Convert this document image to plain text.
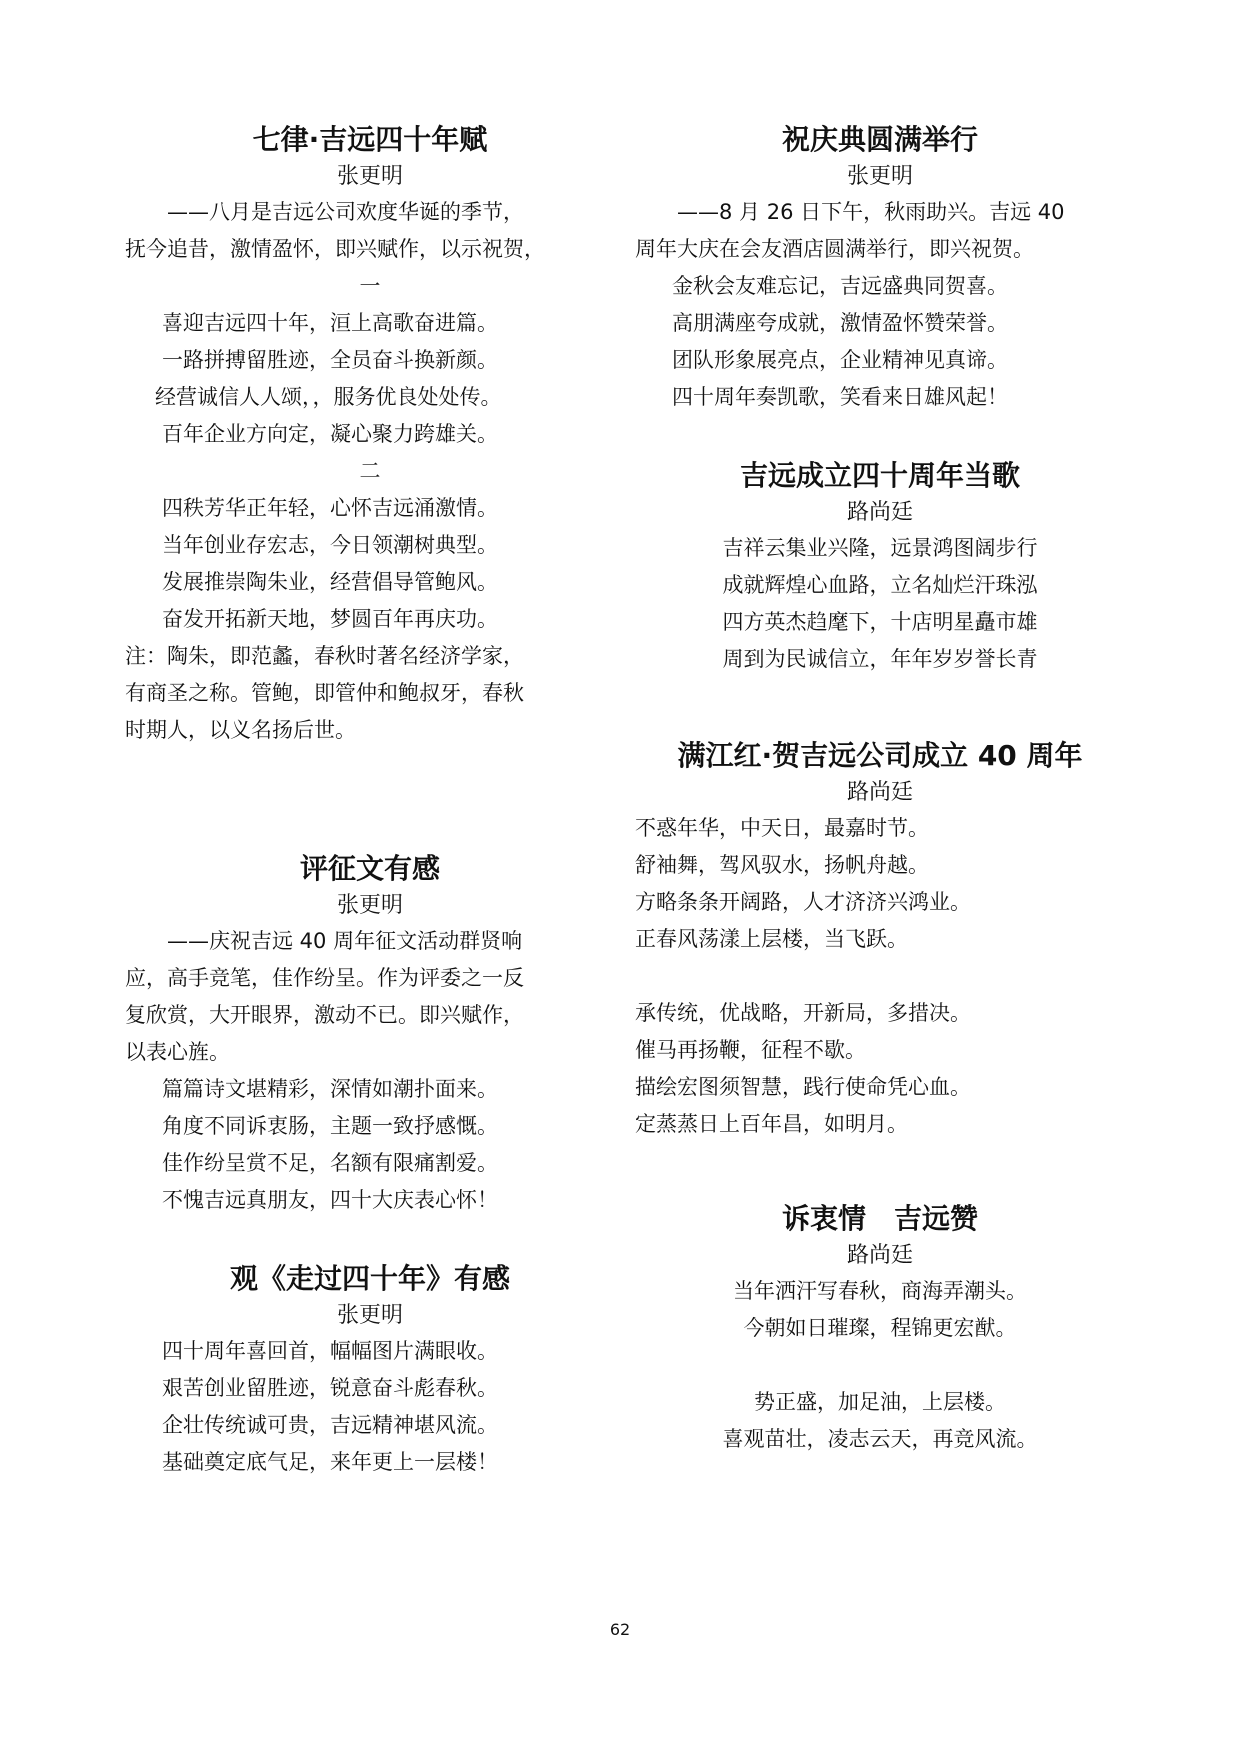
七律·吉远四十年赋
张更明
——八月是吉远公司欢度华诞的季节，
抚今追昔，激情盈怀，即兴赋作，以示祝贺，
一
喜迎吉远四十年，洹上高歌奋进篇。
一路拼搏留胜迹，全员奋斗换新颜。
经营诚信人人颂，，服务优良处处传。
百年企业方向定，凝心聚力跨雄关。
二
四秩芳华正年轻，心怀吉远涌激情。
当年创业存宏志，今日领潮树典型。
发展推崇陶朱业，经营倡导管鲍风。
奋发开拓新天地，梦圆百年再庆功。
注：陶朱，即范蠡，春秋时著名经济学家，
有商圣之称。管鲍，即管仲和鲍叔牙，春秋
时期人，以义名扬后世。
评征文有感
张更明
——庆祝吉远 40 周年征文活动群贤响
应，高手竞笔，佳作纷呈。作为评委之一反
复欣赏，大开眼界，激动不已。即兴赋作，
以表心旌。
篇篇诗文堪精彩，深情如潮扑面来。
角度不同诉衷肠，主题一致抒感慨。
佳作纷呈赏不足，名额有限痛割爱。
不愧吉远真朋友，四十大庆表心怀！
观《走过四十年》有感
张更明
四十周年喜回首，幅幅图片满眼收。
艰苦创业留胜迹，锐意奋斗彪春秋。
企壮传统诚可贵，吉远精神堪风流。
基础奠定底气足，来年更上一层楼！
祝庆典圆满举行
张更明
——8 月 26 日下午，秋雨助兴。吉远 40
周年大庆在会友酒店圆满举行，即兴祝贺。
金秋会友难忘记，吉远盛典同贺喜。
高朋满座夸成就，激情盈怀赞荣誉。
团队形象展亮点，企业精神见真谛。
四十周年奏凯歌，笑看来日雄风起！
吉远成立四十周年当歌
路尚廷
吉祥云集业兴隆，远景鸿图阔步行
成就辉煌心血路，立名灿烂汗珠泓
四方英杰趋麾下，十店明星矗市雄
周到为民诚信立，年年岁岁誉长青
满江红·贺吉远公司成立 40 周年
路尚廷
不惑年华，中天日，最嘉时节。
舒袖舞，驾风驭水，扬帆舟越。
方略条条开阔路，人才济济兴鸿业。
正春风荡漾上层楼，当飞跃。
承传统，优战略，开新局，多措决。
催马再扬鞭，征程不歇。
描绘宏图须智慧，践行使命凭心血。
定蒸蒸日上百年昌，如明月。
诉衷情　吉远赞
路尚廷
当年洒汗写春秋，商海弄潮头。
今朝如日璀璨，程锦更宏猷。
势正盛，加足油，上层楼。
喜观苗壮，凌志云天，再竞风流。
62
